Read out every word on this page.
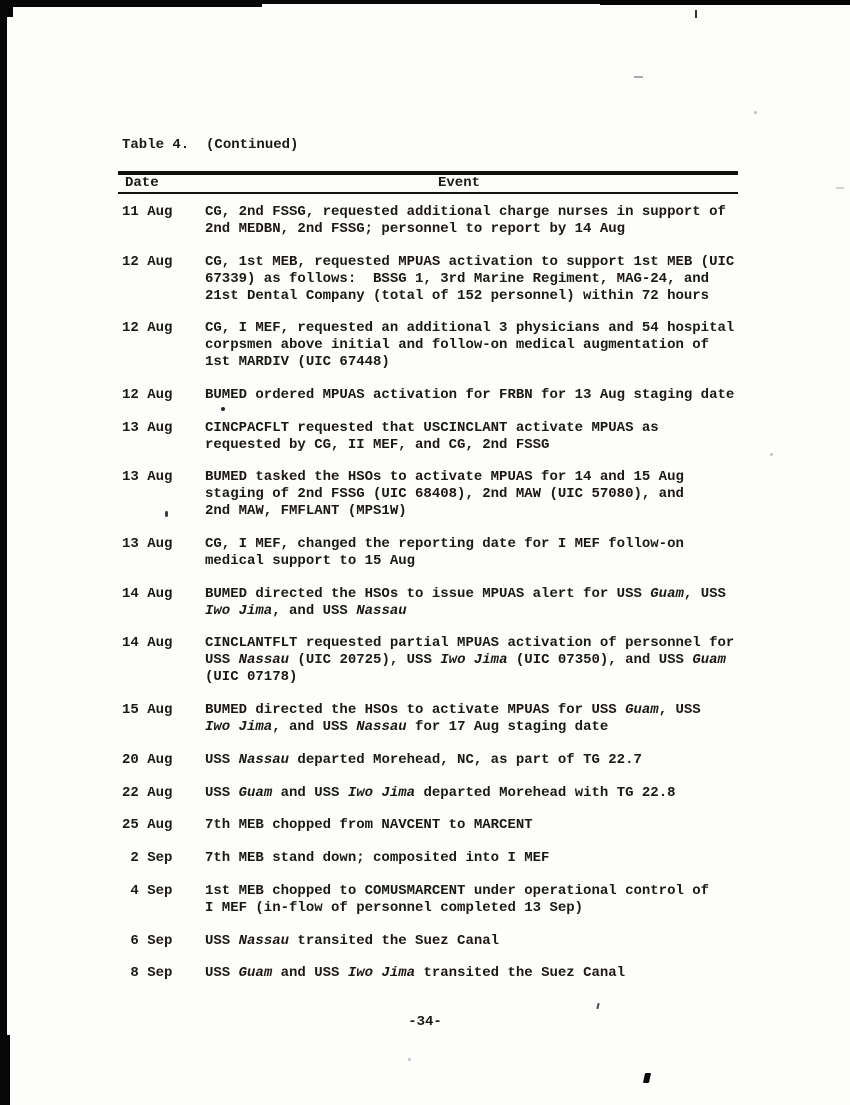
Table 4.  (Continued)
Date	Event
11 Aug	CG, 2nd FSSG, requested additional charge nurses in support of
2nd MEDBN, 2nd FSSG; personnel to report by 14 Aug
12 Aug	CG, 1st MEB, requested MPUAS activation to support 1st MEB (UIC
67339) as follows:  BSSG 1, 3rd Marine Regiment, MAG-24, and
21st Dental Company (total of 152 personnel) within 72 hours
12 Aug	CG, I MEF, requested an additional 3 physicians and 54 hospital
corpsmen above initial and follow-on medical augmentation of
1st MARDIV (UIC 67448)
12 Aug	BUMED ordered MPUAS activation for FRBN for 13 Aug staging date
13 Aug	CINCPACFLT requested that USCINCLANT activate MPUAS as
requested by CG, II MEF, and CG, 2nd FSSG
13 Aug	BUMED tasked the HSOs to activate MPUAS for 14 and 15 Aug
staging of 2nd FSSG (UIC 68408), 2nd MAW (UIC 57080), and
2nd MAW, FMFLANT (MPS1W)
13 Aug	CG, I MEF, changed the reporting date for I MEF follow-on
medical support to 15 Aug
14 Aug	BUMED directed the HSOs to issue MPUAS alert for USS Guam, USS
Iwo Jima, and USS Nassau
14 Aug	CINCLANTFLT requested partial MPUAS activation of personnel for
USS Nassau (UIC 20725), USS Iwo Jima (UIC 07350), and USS Guam
(UIC 07178)
15 Aug	BUMED directed the HSOs to activate MPUAS for USS Guam, USS
Iwo Jima, and USS Nassau for 17 Aug staging date
20 Aug	USS Nassau departed Morehead, NC, as part of TG 22.7
22 Aug	USS Guam and USS Iwo Jima departed Morehead with TG 22.8
25 Aug	7th MEB chopped from NAVCENT to MARCENT
2 Sep	7th MEB stand down; composited into I MEF
4 Sep	1st MEB chopped to COMUSMARCENT under operational control of
I MEF (in-flow of personnel completed 13 Sep)
6 Sep	USS Nassau transited the Suez Canal
8 Sep	USS Guam and USS Iwo Jima transited the Suez Canal
-34-
